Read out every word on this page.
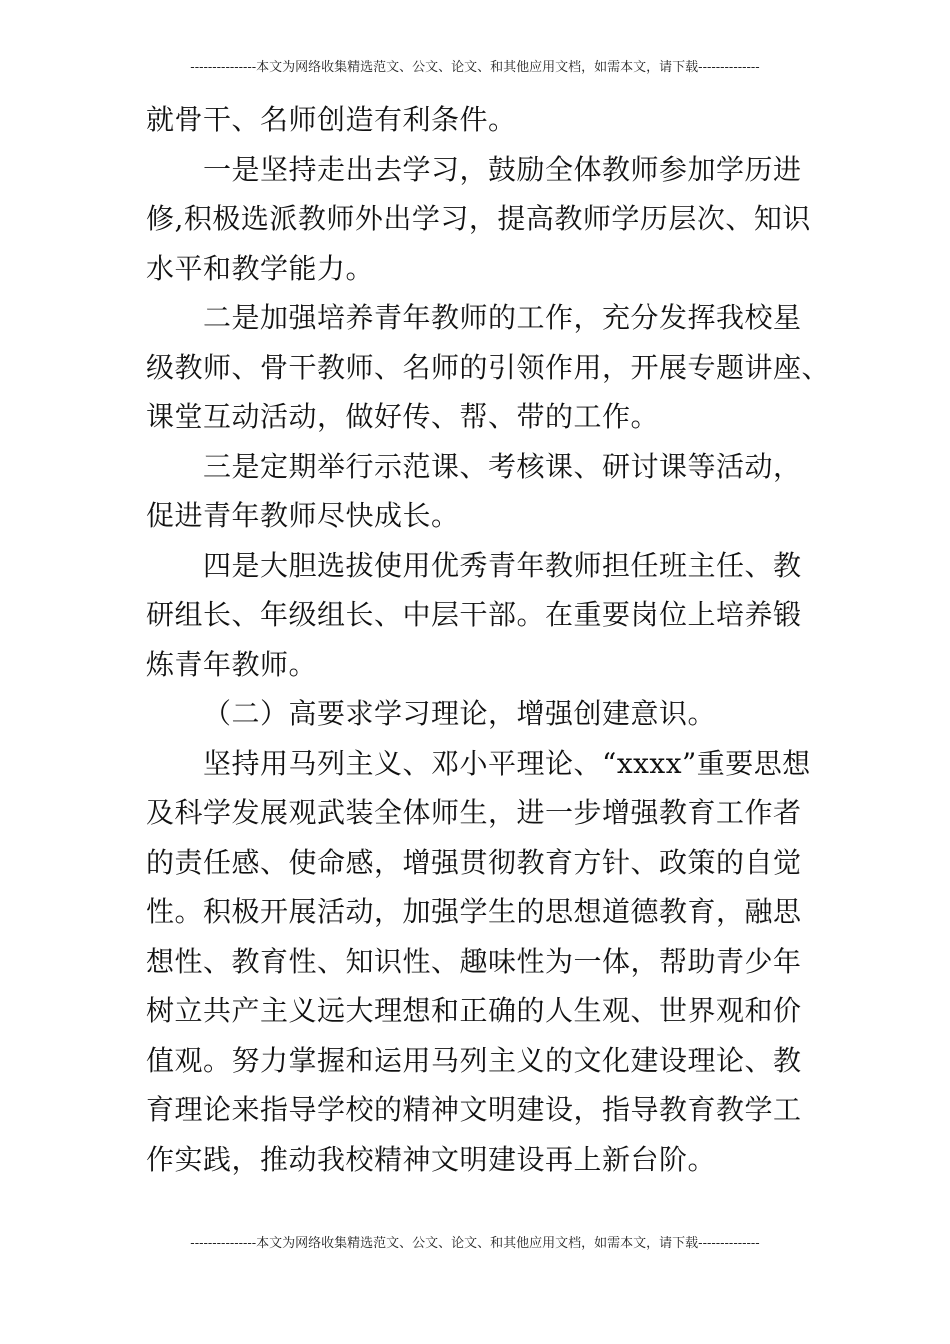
---------------本文为网络收集精选范文、公文、论文、和其他应用文档，如需本文，请下载--------------

就骨干、名师创造有利条件。

一是坚持走出去学习，鼓励全体教师参加学历进
修,积极选派教师外出学习，提高教师学历层次、知识
水平和教学能力。

二是加强培养青年教师的工作，充分发挥我校星
级教师、骨干教师、名师的引领作用，开展专题讲座、
课堂互动活动，做好传、帮、带的工作。

三是定期举行示范课、考核课、研讨课等活动，
促进青年教师尽快成长。

四是大胆选拔使用优秀青年教师担任班主任、教
研组长、年级组长、中层干部。在重要岗位上培养锻
炼青年教师。

（二）高要求学习理论，增强创建意识。

坚持用马列主义、邓小平理论、“xxxx”重要思想
及科学发展观武装全体师生，进一步增强教育工作者
的责任感、使命感，增强贯彻教育方针、政策的自觉
性。积极开展活动，加强学生的思想道德教育，融思
想性、教育性、知识性、趣味性为一体，帮助青少年
树立共产主义远大理想和正确的人生观、世界观和价
值观。努力掌握和运用马列主义的文化建设理论、教
育理论来指导学校的精神文明建设，指导教育教学工
作实践，推动我校精神文明建设再上新台阶。

---------------本文为网络收集精选范文、公文、论文、和其他应用文档，如需本文，请下载--------------
